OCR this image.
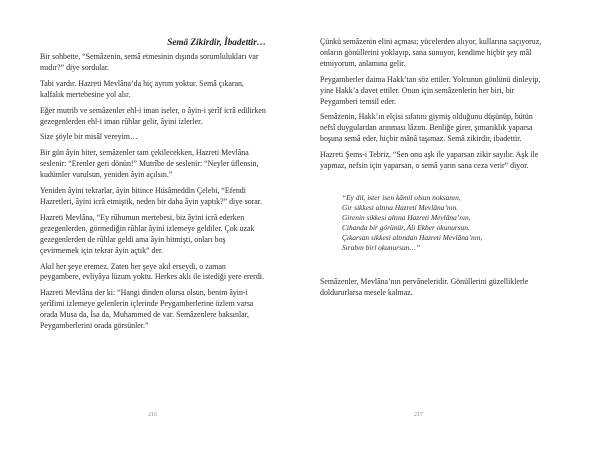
Semâ Zikirdir, İbadettir…

Bir sohbette, “Semâzenin, semâ etmesinin dışında sorumlulukları var mıdır?” diye sordular.

Tabi vardır. Hazreti Mevlâna’da hiç ayrım yoktur. Semâ çıkaran, kalfalık mertebesine yol alır.

Eğer mutrib ve semâzenler ehl-i iman iseler, o âyin-i şerîf icrâ edilirken gezegenlerden ehl-i iman rûhlar gelir, âyini izlerler.

Size şöyle bir misâl vereyim…

Bir gün âyin biter, semâzenler tam çekilecekken, Hazreti Mevlâna seslenir: “Erenler geri dönün!” Mutrîbe de seslenir: “Neyler üflensin, kudümler vurulsun, yeniden âyin açılsın.”

Yeniden âyini tekrarlar, âyin bitince Hüsâmeddin Çelebi, “Efendi Hazretleri, âyini icrâ etmiştik, neden bir daha âyin yaptık?” diye sorar.

Hazreti Mevlâna, “Ey rûhumun mertebesi, biz âyini icrâ ederken gezegenlerden, görmediğin rûhlar âyini izlemeye geldiler. Çok uzak gezegenlerden de rûhlar geldi ama âyin bitmişti, onları boş çevirmemek için tekrar âyin açtık” der.

Akıl her şeye eremez. Zaten her şeye akıl erseydi, o zaman peygambere, evliyâya lüzum yoktu. Herkes aklı ile istediği yere ererdi.

Hazreti Mevlâna der ki: “Hangi dinden olursa olsun, benim âyin-i şerîfimi izlemeye gelenlerin içlerinde Peygamberlerine özlem varsa orada Musa da, İsa da, Muhammed de var. Semâzenlere baksınlar, Peygamberlerini orada görsünler.”

216

Çünkü semâzenin elini açması; yücelerden alıyor, kullarına saçıyoruz, onların gönüllerini yoklayıp, sana sunuyor, kendime hiçbir şey mâl etmiyorum, anlamına gelir.

Peygamberler daima Hakk’tan söz ettiler. Yolcunun gönlünü dinleyip, yine Hakk’a davet ettiler. Onun için semâzenlerin her biri, bir Peygamberi temsil eder.

Semâzenin, Hakk’ın elçisi sıfatını giymiş olduğunu düşünüp, bütün nefsî duygulardan arınması lâzım. Benliğe girer, şımarıklık yaparsa boşuna semâ eder, hiçbir mânâ taşımaz. Semâ zikirdir, ibadettir.

Hazreti Şems-i Tebriz, “Sen onu aşk ile yaparsan zikir sayılır. Aşk ile yapmaz, nefsin için yaparsan, o semâ yarın sana ceza verir” diyor.

“Ey dil, ister isen kâmil olsun noksanın,
Gir sikkesi altına Hazreti Mevlâna’nın.
Girenin sikkesi altına Hazreti Mevlâna’nın,
Cihanda bir görünür, Ali Ekber okunursun.
Çıkarsan sikkesi altından Hazreti Mevlâna’nın,
Sırabın biri okunursun…”

Semâzenler, Mevlâna’nın pervâneleridir. Gönüllerini güzelliklerle doldururlarsa mesele kalmaz.

217
